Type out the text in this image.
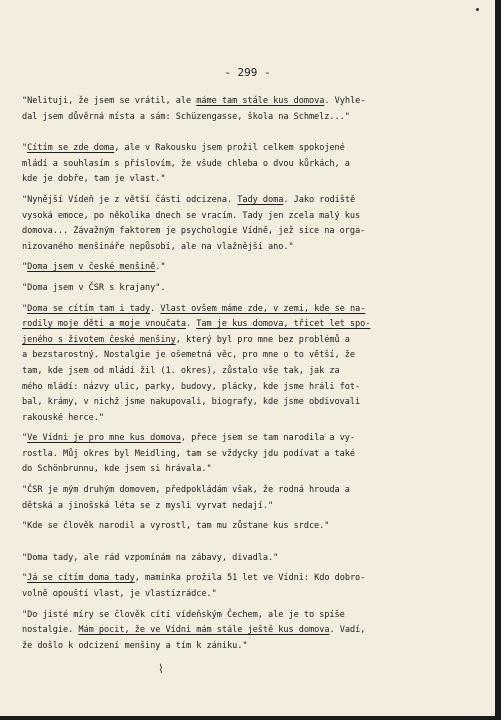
- 299 -

"Nelituji, že jsem se vrátil, ale máme tam stále kus domova. Vyhle-
dal jsem důvěrná místa a sám: Schüzengasse, škola na Schmelz..."

"Cítím se zde doma, ale v Rakousku jsem prožil celkem spokojené
mládí a souhlasím s příslovím, že všude chleba o dvou kůrkách, a
kde je dobře, tam je vlast."

"Nynější Vídeň je z větší části odcizena. Tady doma. Jako rodiště
vysoká emoce, po několika dnech se vracím. Tady jen zcela malý kus
domova... Závažným faktorem je psychologie Vídně, jež sice na orga-
nizovaného menšináře nepůsobí, ale na vlažnější ano."

"Doma jsem v české menšině."

"Doma jsem v ČSR s krajany".

"Doma se cítím tam i tady. Vlast ovšem máme zde, v zemi, kde se na-
rodily moje děti a moje vnoučata. Tam je kus domova, třicet let spo-
jeného s životem české menšiny, který byl pro mne bez problémů a
a bezstarostný. Nostalgie je ošemetná věc, pro mne o to větší, že
tam, kde jsem od mládí žil (1. okres), zůstalo vše tak, jak za
mého mládí: názvy ulic, parky, budovy, plácky, kde jsme hráli fot-
bal, krámy, v nichž jsme nakupovali, biografy, kde jsme obdivovali
rakouské herce."

"Ve Vídni je pro mne kus domova, přece jsem se tam narodila a vy-
rostla. Můj okres byl Meidling, tam se vždycky jdu podívat a také
do Schönbrunnu, kde jsem si hrávala."

"ČSR je mým druhým domovem, předpokládám však, že rodná hrouda a
dětská a jinošská léta se z mysli vyrvat nedají."

"Kde se člověk narodil a vyrostl, tam mu zůstane kus srdce."

"Doma tady, ale rád vzpomínám na zábavy, divadla."

"Já se cítím doma tady, maminka prožila 51 let ve Vídni: Kdo dobro-
volně opouští vlast, je vlastizrádce."

"Do jisté míry se člověk cítí vídeňským Čechem, ale je to spíše
nostalgie. Mám pocit, že ve Vídni mám stále ještě kus domova. Vadí,
že došlo k odcizení menšiny a tím k zániku."

⌇
